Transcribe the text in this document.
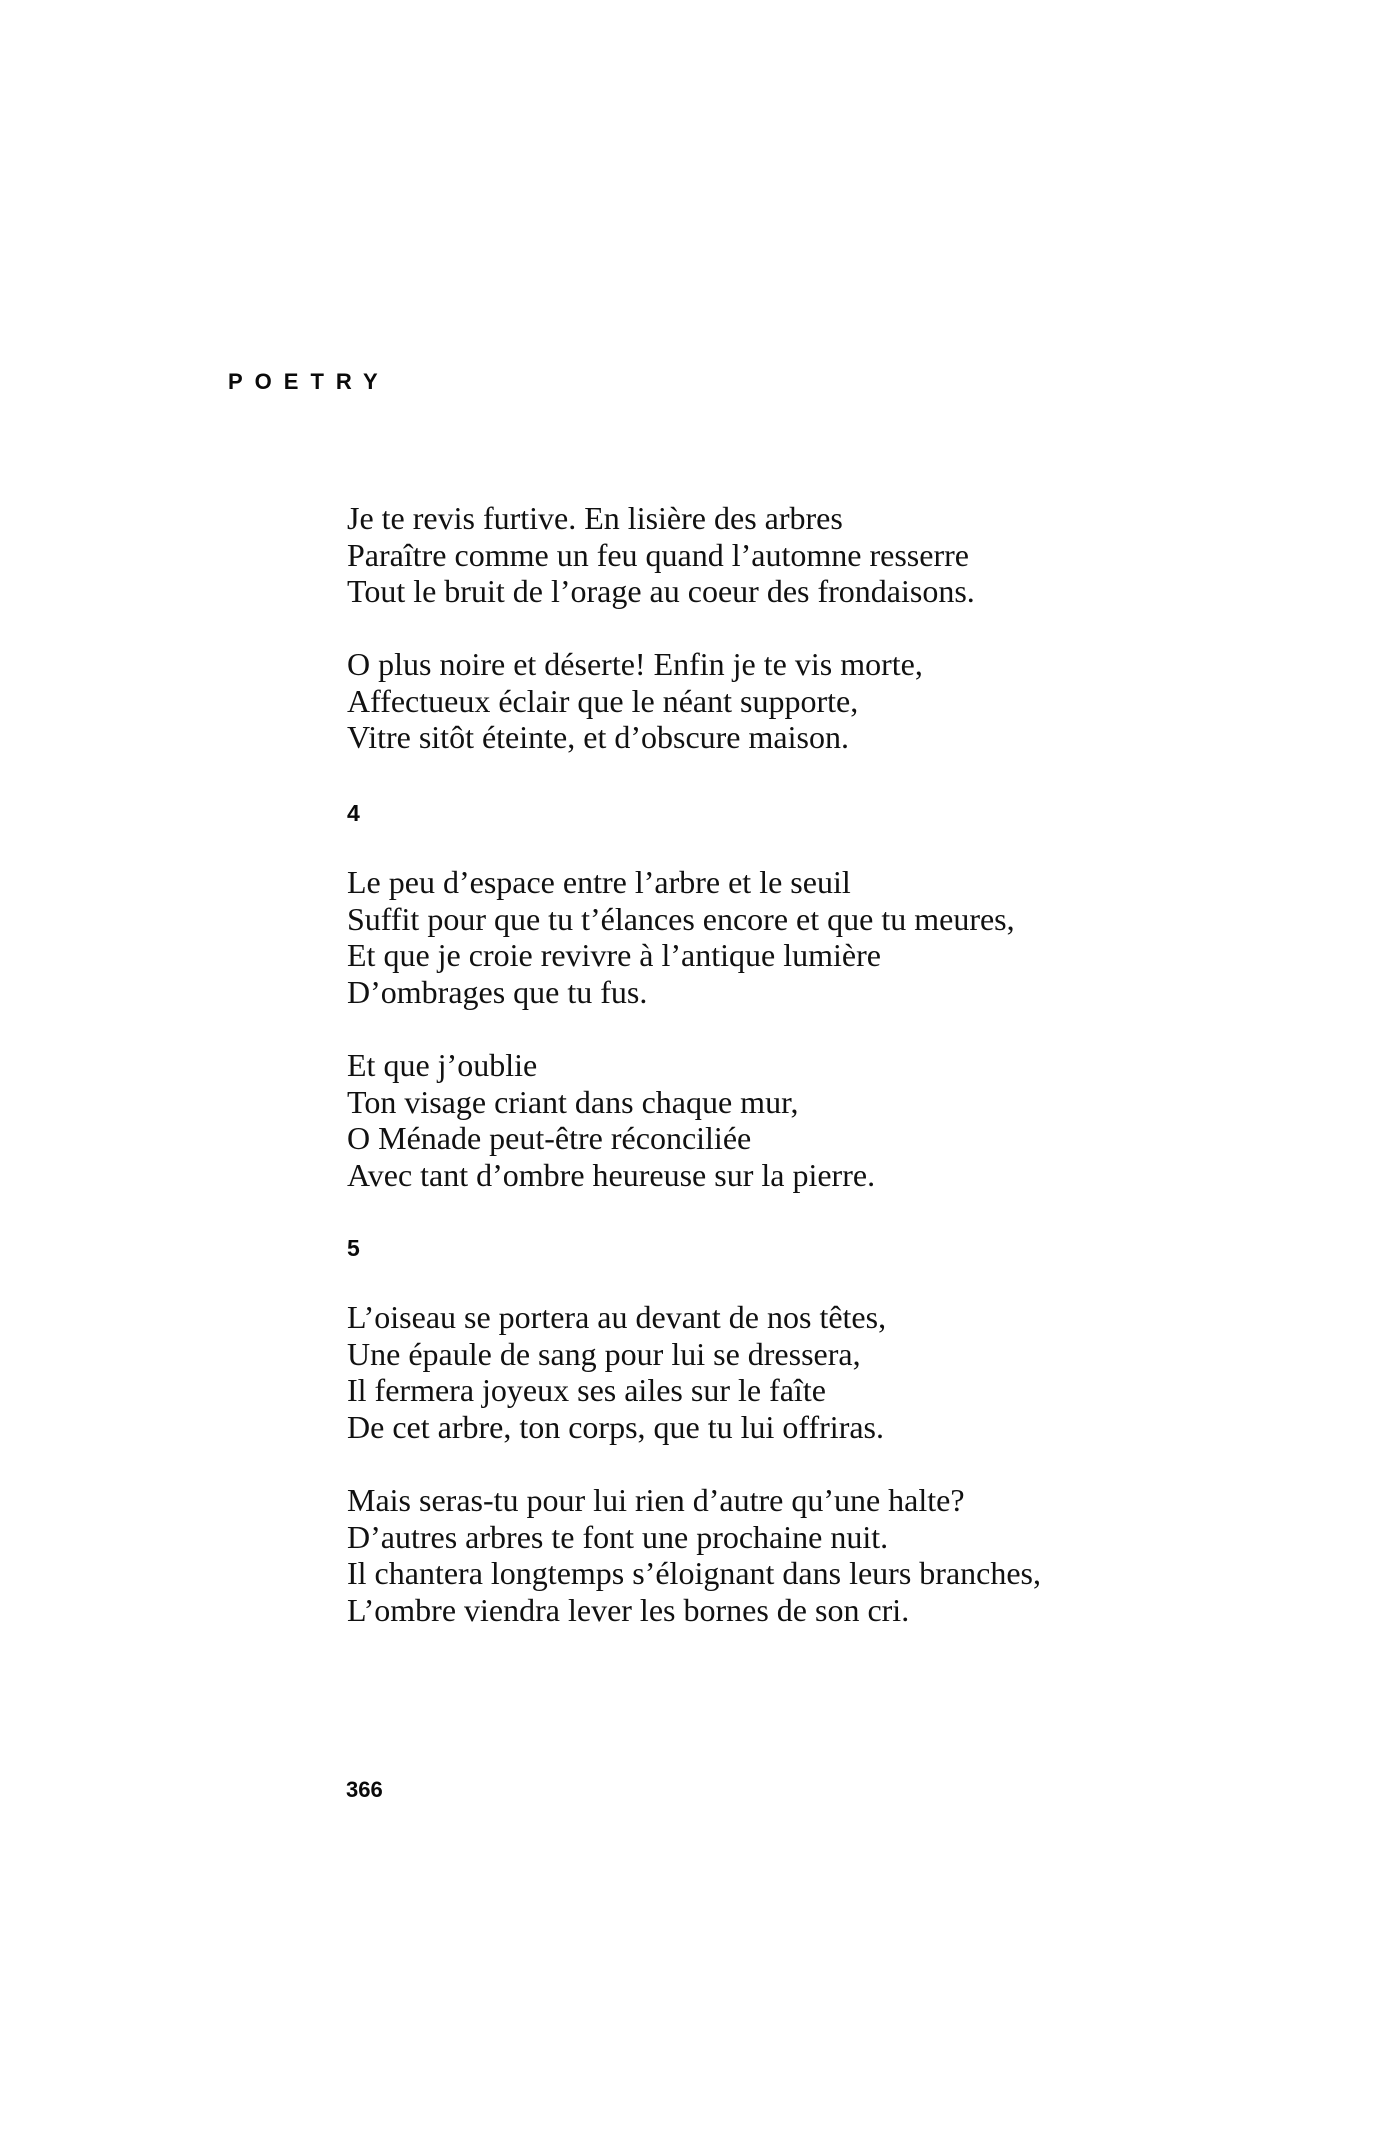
POETRY

Je te revis furtive. En lisière des arbres
Paraître comme un feu quand l’automne resserre
Tout le bruit de l’orage au coeur des frondaisons.

O plus noire et déserte! Enfin je te vis morte,
Affectueux éclair que le néant supporte,
Vitre sitôt éteinte, et d’obscure maison.

4

Le peu d’espace entre l’arbre et le seuil
Suffit pour que tu t’élances encore et que tu meures,
Et que je croie revivre à l’antique lumière
D’ombrages que tu fus.

Et que j’oublie
Ton visage criant dans chaque mur,
O Ménade peut-être réconciliée
Avec tant d’ombre heureuse sur la pierre.

5

L’oiseau se portera au devant de nos têtes,
Une épaule de sang pour lui se dressera,
Il fermera joyeux ses ailes sur le faîte
De cet arbre, ton corps, que tu lui offriras.

Mais seras-tu pour lui rien d’autre qu’une halte?
D’autres arbres te font une prochaine nuit.
Il chantera longtemps s’éloignant dans leurs branches,
L’ombre viendra lever les bornes de son cri.

366
